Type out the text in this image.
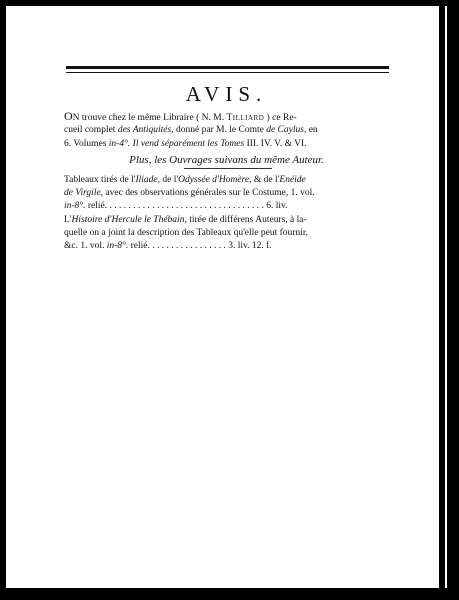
AVIS.
ON trouve chez le même Libraire ( N. M. Tilliard ) ce Re-
cueil complet des Antiquités, donné par M. le Comte de Caylus, en
6. Volumes in-4°. Il vend séparément les Tomes III. IV. V. & VI.
Plus, les Ouvrages suivans du même Auteur.
Tableaux tirés de l'Iliade, de l'Odyssée d'Homère, & de l'Enéide
de Virgile, avec des observations générales sur le Costume, 1. vol.
in-8°. relié. . . . . . . . . . . . . . . . . . . . . . . . . . . . . . . . . . 6. liv.
L'Histoire d'Hercule le Thébain, tirée de différens Auteurs, à la-
quelle on a joint la description des Tableaux qu'elle peut fournir,
&c. 1. vol. in-8°. relié. . . . . . . . . . . . . . . . . 3. liv. 12. f.
